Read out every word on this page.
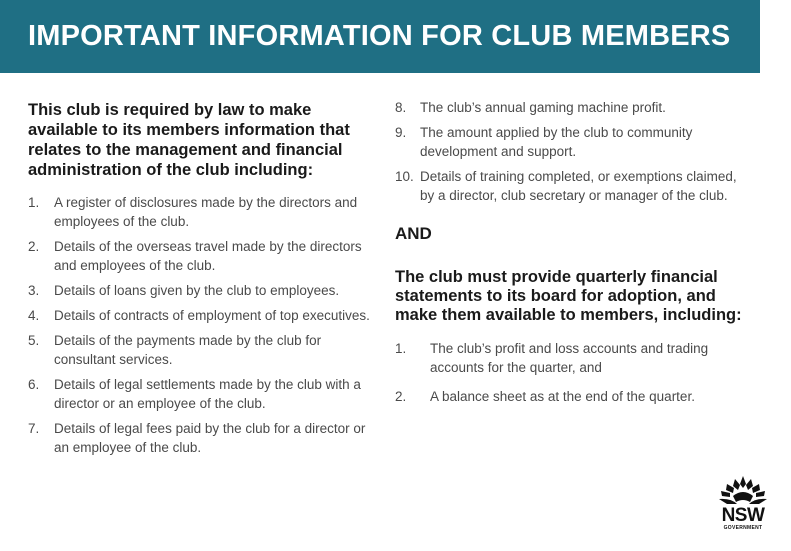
IMPORTANT INFORMATION FOR CLUB MEMBERS

This club is required by law to make available to its members information that relates to the management and financial administration of the club including:

1.	A register of disclosures made by the directors and employees of the club.
2.	Details of the overseas travel made by the directors and employees of the club.
3.	Details of loans given by the club to employees.
4.	Details of contracts of employment of top executives.
5.	Details of the payments made by the club for consultant services.
6.	Details of legal settlements made by the club with a director or an employee of the club.
7.	Details of legal fees paid by the club for a director or an employee of the club.
8.	The club’s annual gaming machine profit.
9.	The amount applied by the club to community development and support.
10. Details of training completed, or exemptions claimed, by a director, club secretary or manager of the club.

AND

The club must provide quarterly financial statements to its board for adoption, and make them available to members, including:

1.	The club’s profit and loss accounts and trading accounts for the quarter, and
2.	A balance sheet as at the end of the quarter.
NSW
GOVERNMENT
